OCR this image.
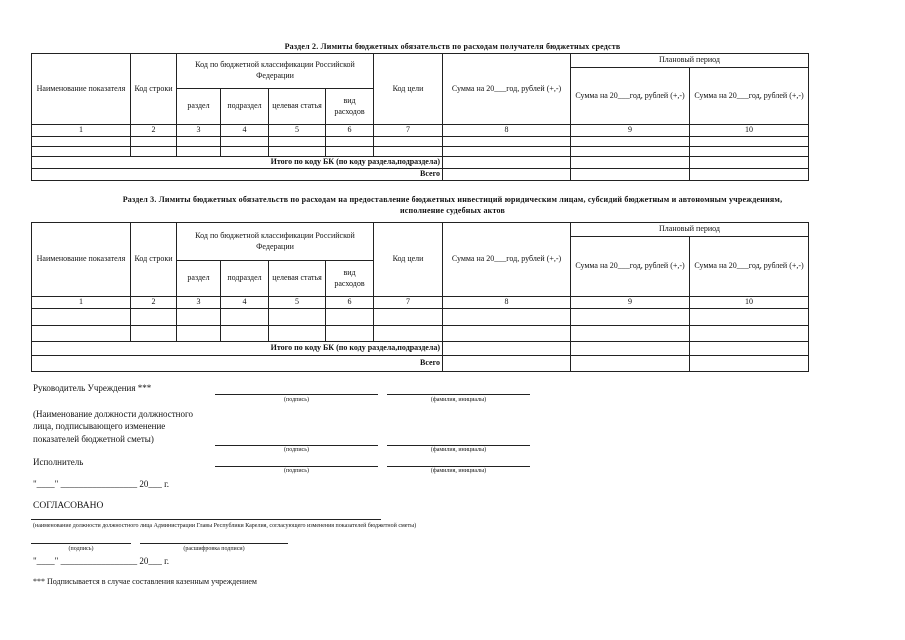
Раздел 2. Лимиты бюджетных обязательств по расходам получателя бюджетных средств
Наименование показателя	Код строки	Код по бюджетной классификации Российской Федерации				Код цели	Сумма на 20___год, рублей (+,-)	Плановый период	
								Сумма на 20___год, рублей (+,-)	Сумма на 20___год, рублей (+,-)
		раздел	подраздел	целевая статья	вид расходов				
1	2	3	4	5	6	7	8	9	10

Итого по коду БК (по коду раздела,подраздела)									
Всего									
Раздел 3. Лимиты бюджетных обязательств по расходам на предоставление бюджетных инвестиций юридическим лицам, субсидий бюджетным и автономным учреждениям,
исполнение судебных актов
Наименование показателя	Код строки	Код по бюджетной классификации Российской Федерации				Код цели	Сумма на 20___год, рублей (+,-)	Плановый период	
								Сумма на 20___год, рублей (+,-)	Сумма на 20___год, рублей (+,-)
		раздел	подраздел	целевая статья	вид расходов				
1	2	3	4	5	6	7	8	9	10

Итого по коду БК (по коду раздела,подраздела)									
Всего									
Руководитель Учреждения ***
(подпись)	(фамилия, инициалы)
(Наименование должности должностного
лица, подписывающего изменение
показателей бюджетной сметы)
(подпись)	(фамилия, инициалы)
Исполнитель
(подпись)	(фамилия, инициалы)
"____" _________________ 20___ г.
СОГЛАСОВАНО
(наименование должности должностного лица Администрации Главы Республики Карелия, согласующего изменения показателей бюджетной сметы)
(подпись)	(расшифровка подписи)
"____" _________________ 20___ г.
*** Подписывается в случае составления казенным учреждением
